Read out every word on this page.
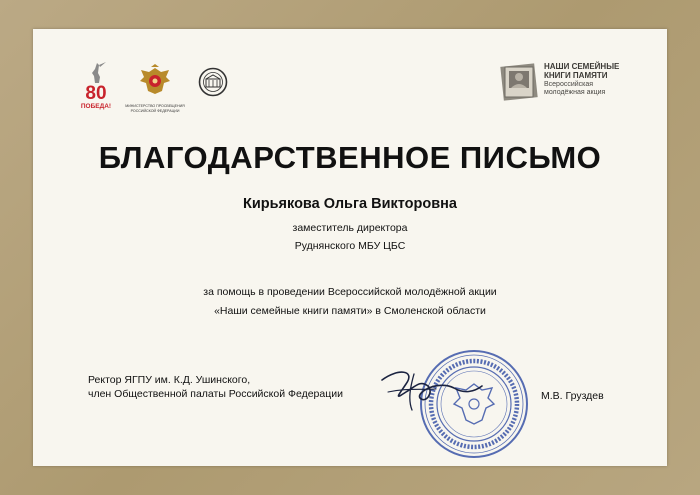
80
ПОБЕДА!	МИНИСТЕРСТВО ПРОСВЕЩЕНИЯ
РОССИЙСКОЙ ФЕДЕРАЦИИ
НАШИ СЕМЕЙНЫЕ
КНИГИ ПАМЯТИ
Всероссийская
молодёжная акция
БЛАГОДАРСТВЕННОЕ ПИСЬМО
Кирьякова Ольга Викторовна
заместитель директора
Руднянского МБУ ЦБС
за помощь в проведении Всероссийской молодёжной акции
«Наши семейные книги памяти» в Смоленской области
Ректор ЯГПУ им. К.Д. Ушинского,
член Общественной палаты Российской Федерации	М.В. Груздев
